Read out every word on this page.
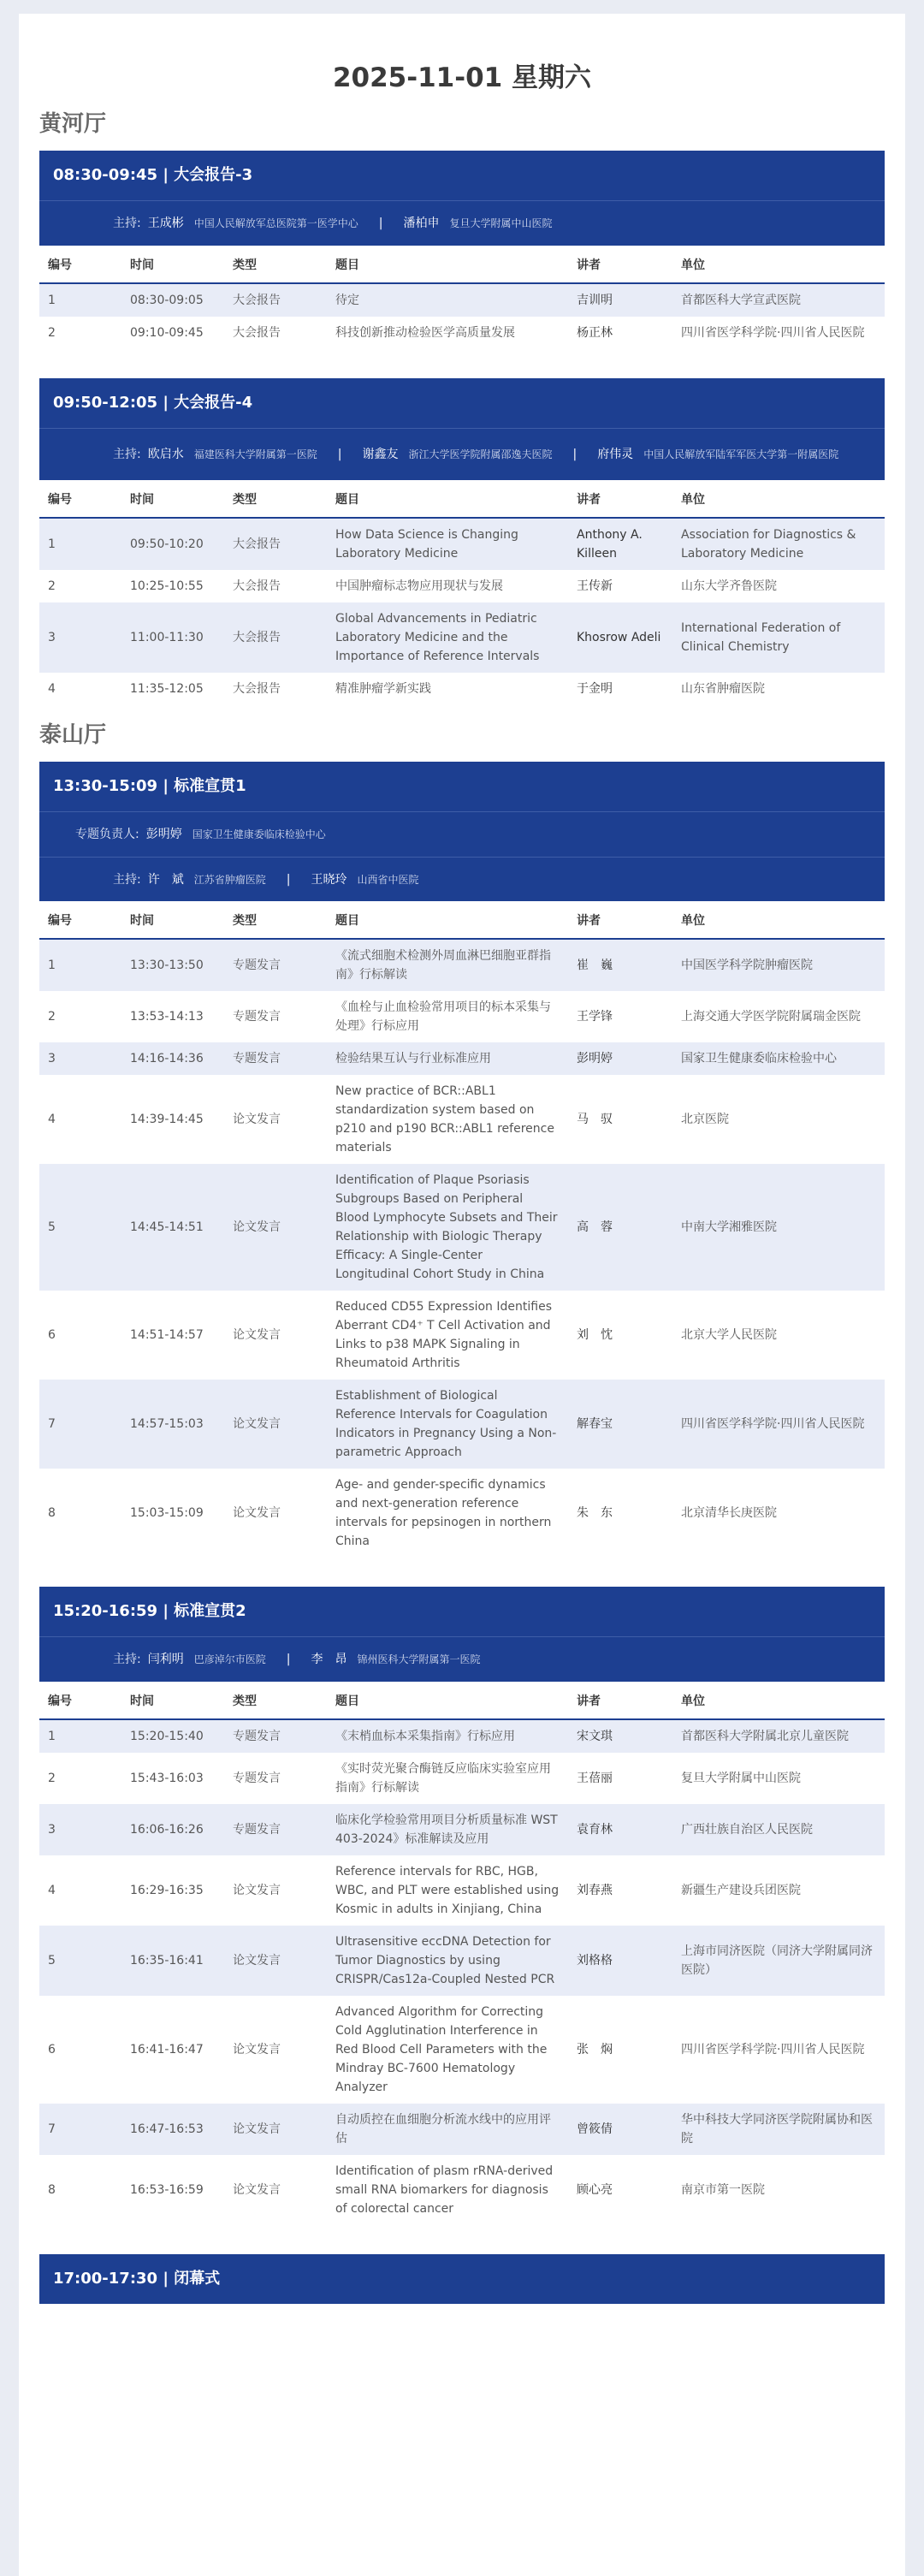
2025-11-01 星期六
黄河厅
08:30-09:45 | 大会报告-3
主持: 王成彬 中国人民解放军总医院第一医学中心 | 潘柏申 复旦大学附属中山医院
编号	时间	类型	题目	讲者	单位
1	08:30-09:05	大会报告	待定	吉训明	首都医科大学宣武医院
2	09:10-09:45	大会报告	科技创新推动检验医学高质量发展	杨正林	四川省医学科学院·四川省人民医院
09:50-12:05 | 大会报告-4
主持: 欧启水 福建医科大学附属第一医院 | 谢鑫友 浙江大学医学院附属邵逸夫医院 | 府伟灵 中国人民解放军陆军军医大学第一附属医院
编号	时间	类型	题目	讲者	单位
1	09:50-10:20	大会报告	How Data Science is Changing Laboratory Medicine	Anthony A. Killeen	Association for Diagnostics & Laboratory Medicine
2	10:25-10:55	大会报告	中国肿瘤标志物应用现状与发展	王传新	山东大学齐鲁医院
3	11:00-11:30	大会报告	Global Advancements in Pediatric Laboratory Medicine and the Importance of Reference Intervals	Khosrow Adeli	International Federation of Clinical Chemistry
4	11:35-12:05	大会报告	精准肿瘤学新实践	于金明	山东省肿瘤医院
泰山厅
13:30-15:09 | 标准宣贯1
专题负责人: 彭明婷 国家卫生健康委临床检验中心
主持: 许　斌 江苏省肿瘤医院 | 王晓玲 山西省中医院
编号	时间	类型	题目	讲者	单位
1	13:30-13:50	专题发言	《流式细胞术检测外周血淋巴细胞亚群指南》行标解读	崔　巍	中国医学科学院肿瘤医院
2	13:53-14:13	专题发言	《血栓与止血检验常用项目的标本采集与处理》行标应用	王学锋	上海交通大学医学院附属瑞金医院
3	14:16-14:36	专题发言	检验结果互认与行业标准应用	彭明婷	国家卫生健康委临床检验中心
4	14:39-14:45	论文发言	New practice of BCR::ABL1 standardization system based on p210 and p190 BCR::ABL1 reference materials	马　驭	北京医院
5	14:45-14:51	论文发言	Identification of Plaque Psoriasis Subgroups Based on Peripheral Blood Lymphocyte Subsets and Their Relationship with Biologic Therapy Efficacy: A Single-Center Longitudinal Cohort Study in China	高　蓉	中南大学湘雅医院
6	14:51-14:57	论文发言	Reduced CD55 Expression Identifies Aberrant CD4⁺ T Cell Activation and Links to p38 MAPK Signaling in Rheumatoid Arthritis	刘　忱	北京大学人民医院
7	14:57-15:03	论文发言	Establishment of Biological Reference Intervals for Coagulation Indicators in Pregnancy Using a Non-parametric Approach	解春宝	四川省医学科学院·四川省人民医院
8	15:03-15:09	论文发言	Age- and gender-specific dynamics and next-generation reference intervals for pepsinogen in northern China	朱　东	北京清华长庚医院
15:20-16:59 | 标准宣贯2
主持: 闫利明 巴彦淖尔市医院 | 李　昂 锦州医科大学附属第一医院
编号	时间	类型	题目	讲者	单位
1	15:20-15:40	专题发言	《末梢血标本采集指南》行标应用	宋文琪	首都医科大学附属北京儿童医院
2	15:43-16:03	专题发言	《实时荧光聚合酶链反应临床实验室应用指南》行标解读	王蓓丽	复旦大学附属中山医院
3	16:06-16:26	专题发言	临床化学检验常用项目分析质量标准 WST 403-2024》标准解读及应用	袁育林	广西壮族自治区人民医院
4	16:29-16:35	论文发言	Reference intervals for RBC, HGB, WBC, and PLT were established using Kosmic in adults in Xinjiang, China	刘春燕	新疆生产建设兵团医院
5	16:35-16:41	论文发言	Ultrasensitive eccDNA Detection for Tumor Diagnostics by using CRISPR/Cas12a-Coupled Nested PCR	刘格格	上海市同济医院（同济大学附属同济医院）
6	16:41-16:47	论文发言	Advanced Algorithm for Correcting Cold Agglutination Interference in Red Blood Cell Parameters with the Mindray BC-7600 Hematology Analyzer	张　焖	四川省医学科学院·四川省人民医院
7	16:47-16:53	论文发言	自动质控在血细胞分析流水线中的应用评估	曾筱倩	华中科技大学同济医学院附属协和医院
8	16:53-16:59	论文发言	Identification of plasm rRNA-derived small RNA biomarkers for diagnosis of colorectal cancer	顾心亮	南京市第一医院
17:00-17:30 | 闭幕式
